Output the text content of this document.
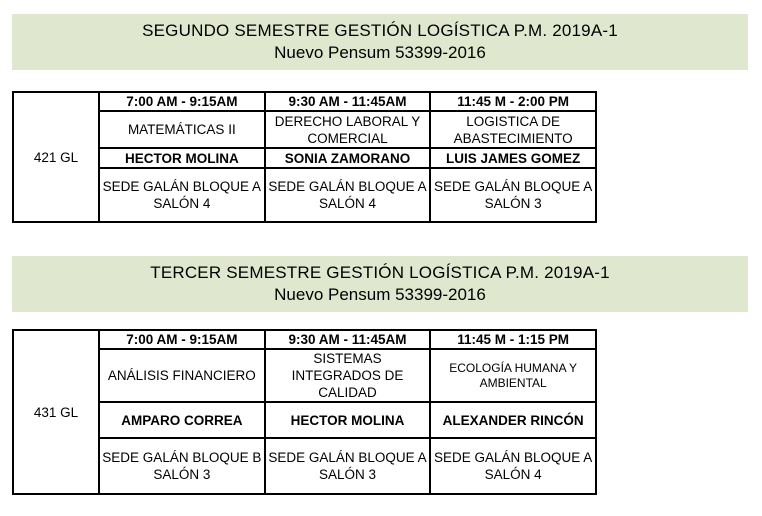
SEGUNDO SEMESTRE GESTIÓN LOGÍSTICA P.M. 2019A-1
Nuevo Pensum 53399-2016
421 GL	7:00 AM - 9:15AM	9:30 AM - 11:45AM	11:45 M - 2:00 PM
	MATEMÁTICAS II	DERECHO LABORAL Y COMERCIAL	LOGISTICA DE ABASTECIMIENTO
	HECTOR MOLINA	SONIA ZAMORANO	LUIS JAMES GOMEZ
	SEDE GALÁN BLOQUE A SALÓN 4	SEDE GALÁN BLOQUE A SALÓN 4	SEDE GALÁN BLOQUE A SALÓN 3
TERCER SEMESTRE GESTIÓN LOGÍSTICA P.M. 2019A-1
Nuevo Pensum 53399-2016
431 GL	7:00 AM - 9:15AM	9:30 AM - 11:45AM	11:45 M - 1:15 PM
	ANÁLISIS FINANCIERO	SISTEMAS INTEGRADOS DE CALIDAD	ECOLOGÍA HUMANA Y AMBIENTAL
	AMPARO CORREA	HECTOR MOLINA	ALEXANDER RINCÓN
	SEDE GALÁN BLOQUE B SALÓN 3	SEDE GALÁN BLOQUE A SALÓN 3	SEDE GALÁN BLOQUE A SALÓN 4
